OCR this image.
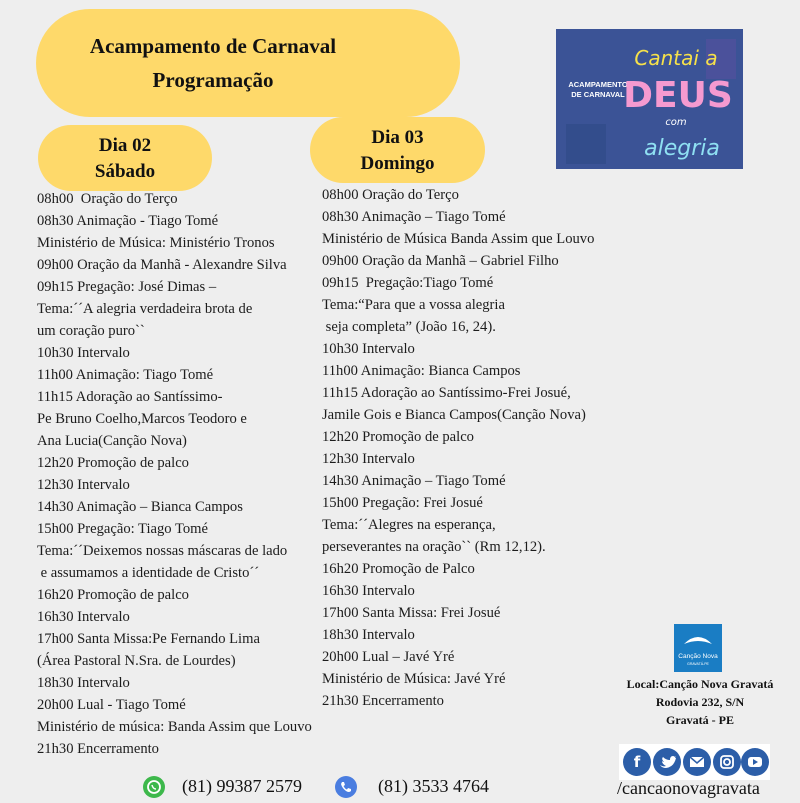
Acampamento de Carnaval
Programação	ACAMPAMENTO
DE CARNAVAL
Cantai a
DEUS
com
alegria
Dia 02
Sábado
Dia 03
Domingo
08h00  Oração do Terço
08h30 Animação - Tiago Tomé
Ministério de Música: Ministério Tronos
09h00 Oração da Manhã - Alexandre Silva
09h15 Pregação: José Dimas –
Tema:´´A alegria verdadeira brota de
um coração puro``
10h30 Intervalo
11h00 Animação: Tiago Tomé
11h15 Adoração ao Santíssimo-
Pe Bruno Coelho,Marcos Teodoro e
Ana Lucia(Canção Nova)
12h20 Promoção de palco
12h30 Intervalo
14h30 Animação – Bianca Campos
15h00 Pregação: Tiago Tomé
Tema:´´Deixemos nossas máscaras de lado
e assumamos a identidade de Cristo´´
16h20 Promoção de palco
16h30 Intervalo
17h00 Santa Missa:Pe Fernando Lima
(Área Pastoral N.Sra. de Lourdes)
18h30 Intervalo
20h00 Lual - Tiago Tomé
Ministério de música: Banda Assim que Louvo
21h30 Encerramento
08h00 Oração do Terço
08h30 Animação – Tiago Tomé
Ministério de Música Banda Assim que Louvo
09h00 Oração da Manhã – Gabriel Filho
09h15  Pregação:Tiago Tomé
Tema:“Para que a vossa alegria
seja completa” (João 16, 24).
10h30 Intervalo
11h00 Animação: Bianca Campos
11h15 Adoração ao Santíssimo-Frei Josué,
Jamile Gois e Bianca Campos(Canção Nova)
12h20 Promoção de palco
12h30 Intervalo
14h30 Animação – Tiago Tomé
15h00 Pregação: Frei Josué
Tema:´´Alegres na esperança,
perseverantes na oração`` (Rm 12,12).
16h20 Promoção de Palco
16h30 Intervalo
17h00 Santa Missa: Frei Josué
18h30 Intervalo
20h00 Lual – Javé Yré
Ministério de Música: Javé Yré
21h30 Encerramento
Canção Nova
GRAVATÁ-PE
Local:Canção Nova Gravatá
Rodovia 232, S/N
Gravatá - PE
f
/cancaonovagravata
(81) 99387 2579	(81) 3533 4764
